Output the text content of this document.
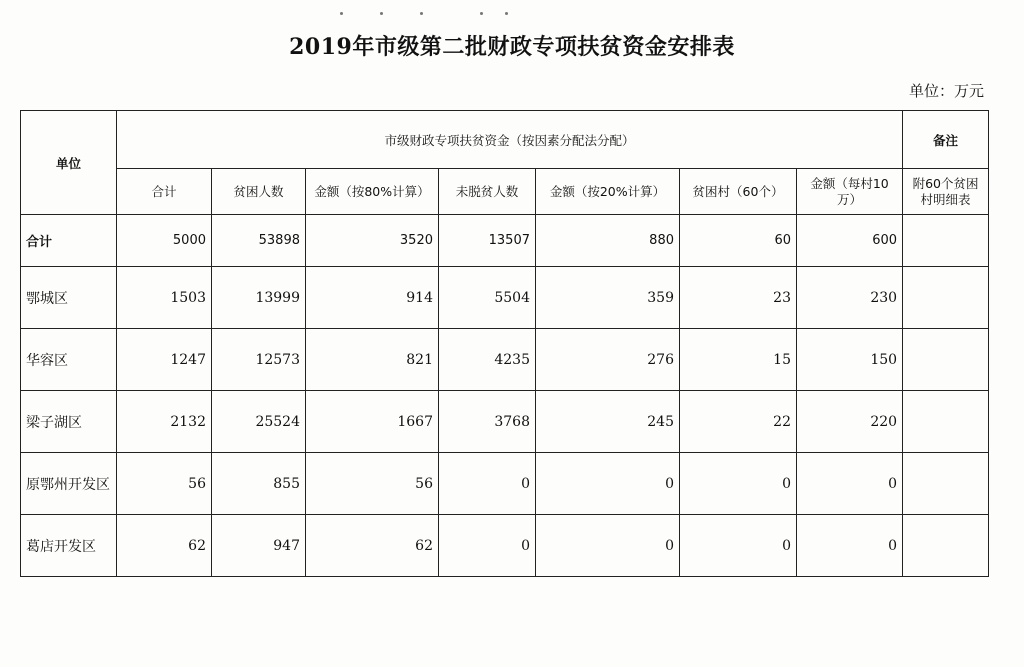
2019年市级第二批财政专项扶贫资金安排表
单位：万元
单位	市级财政专项扶贫资金（按因素分配法分配）							备注
	合计	贫困人数	金额（按80%计算）	未脱贫人数	金额（按20%计算）	贫困村（60个）	金额（每村10万）	附60个贫困村明细表
合计	5000	53898	3520	13507	880	60	600	
鄂城区	1503	13999	914	5504	359	23	230	
华容区	1247	12573	821	4235	276	15	150	
梁子湖区	2132	25524	1667	3768	245	22	220	
原鄂州开发区	56	855	56	0	0	0	0	
葛店开发区	62	947	62	0	0	0	0	
